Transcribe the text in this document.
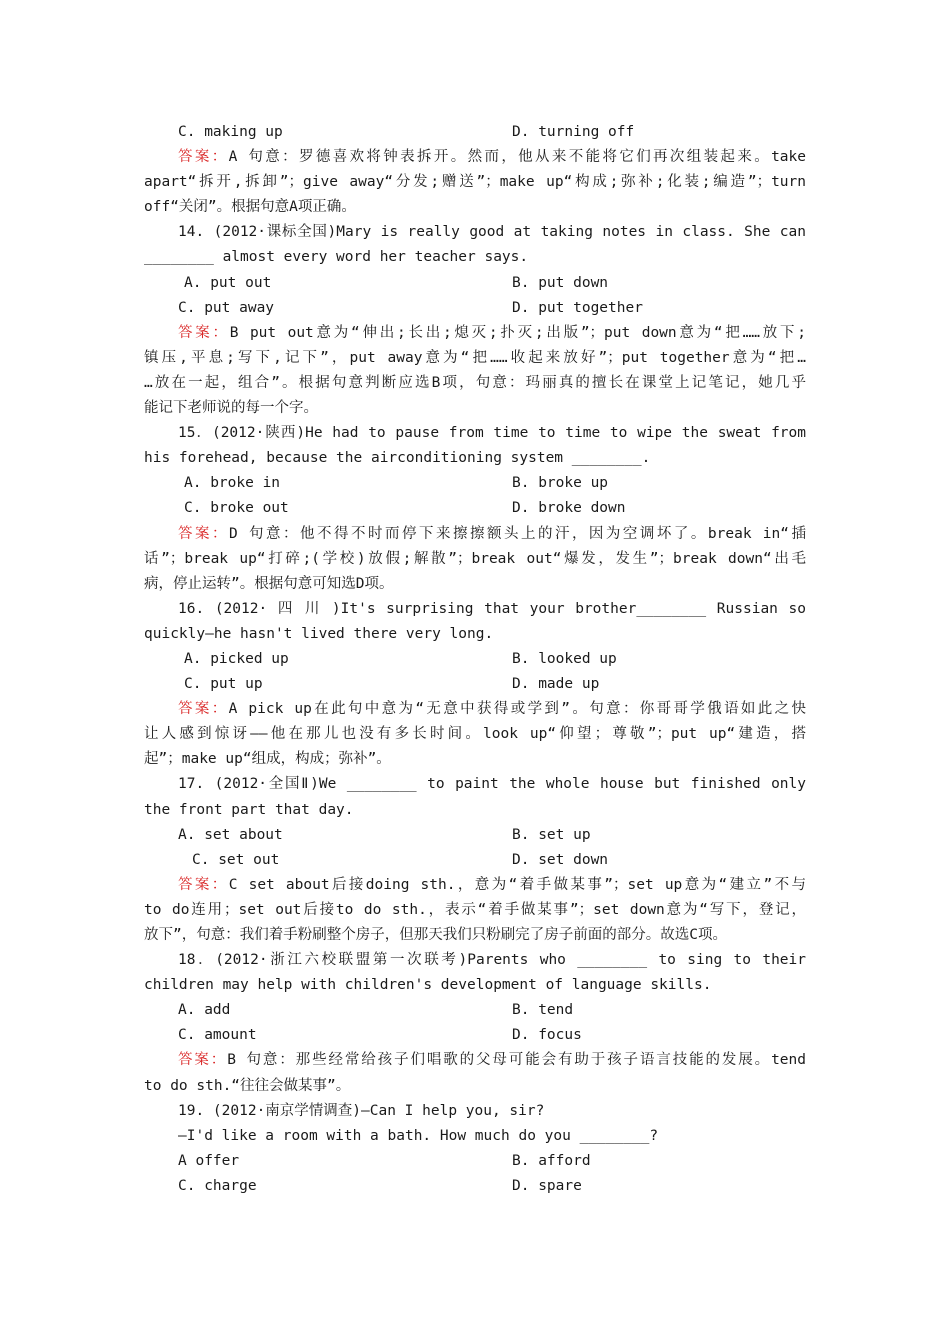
C. making up	D. turning off
答案：A 句意：罗德喜欢将钟表拆开。然而，他从来不能将它们再次组装起来。take
apart“拆开,拆卸”；give away“分发;赠送”；make up“构成;弥补;化装;编造”；turn
off“关闭”。根据句意A项正确。
14. (2012·课标全国)Mary is really good at taking notes in class. She can
________ almost every word her teacher says.
A. put out	B. put down
C. put away	D. put together
答案：B put out意为“伸出;长出;熄灭;扑灭;出版”；put down意为“把……放下;
镇压,平息;写下,记下”，put away意为“把……收起来放好”；put together意为“把…
…放在一起，组合”。根据句意判断应选B项，句意：玛丽真的擅长在课堂上记笔记，她几乎
能记下老师说的每一个字。
15．(2012·陕西)He had to pause from time to time to wipe the sweat from
his forehead, because the airconditioning system ________.
A. broke in	B. broke up
C. broke out	D. broke down
答案：D 句意：他不得不时而停下来擦擦额头上的汗，因为空调坏了。break in“插
话”；break up“打碎;(学校)放假;解散”；break out“爆发，发生”；break down“出毛
病，停止运转”。根据句意可知选D项。
16. (2012· 四 川 )It's surprising that your brother________ Russian so
quickly—he hasn't lived there very long.
A. picked up	B. looked up
C. put up	D. made up
答案：A pick up在此句中意为“无意中获得或学到”。句意：你哥哥学俄语如此之快
让人感到惊讶——他在那儿也没有多长时间。look up“仰望；尊敬”；put up“建造，搭
起”；make up“组成，构成；弥补”。
17. (2012·全国Ⅱ)We ________ to paint the whole house but finished only
the front part that day.
A. set about	B. set up
C. set out	D. set down
答案：C set about后接doing sth.，意为“着手做某事”；set up意为“建立”不与
to do连用；set out后接to do sth.，表示“着手做某事”；set down意为“写下，登记，
放下”，句意：我们着手粉刷整个房子，但那天我们只粉刷完了房子前面的部分。故选C项。
18．(2012·浙江六校联盟第一次联考)Parents who ________ to sing to their
children may help with children's development of language skills.
A. add	B. tend
C. amount	D. focus
答案：B 句意：那些经常给孩子们唱歌的父母可能会有助于孩子语言技能的发展。tend
to do sth.“往往会做某事”。
19. (2012·南京学情调查)—Can I help you, sir?
—I'd like a room with a bath. How much do you ________?
A offer	B. afford
C. charge	D. spare
